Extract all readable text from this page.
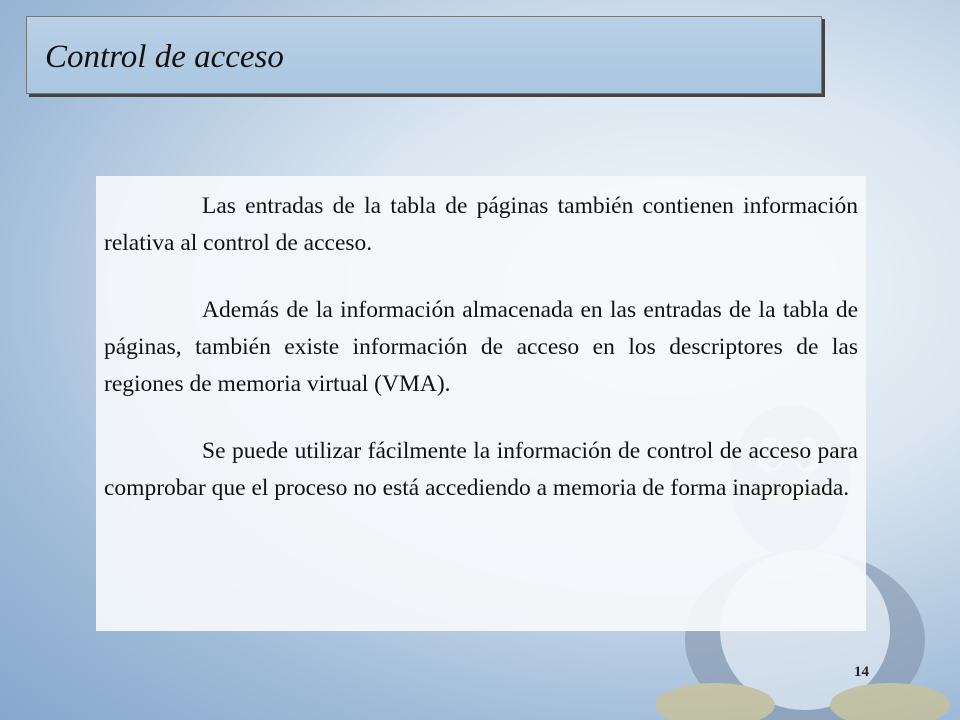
Control de acceso

Las entradas de la tabla de páginas también contienen información relativa al control de acceso.

Además de la información almacenada en las entradas de la tabla de páginas, también existe información de acceso en los descriptores de las regiones de memoria virtual (VMA).

Se puede utilizar fácilmente la información de control de acceso para comprobar que el proceso no está accediendo a memoria de forma inapropiada.

14
